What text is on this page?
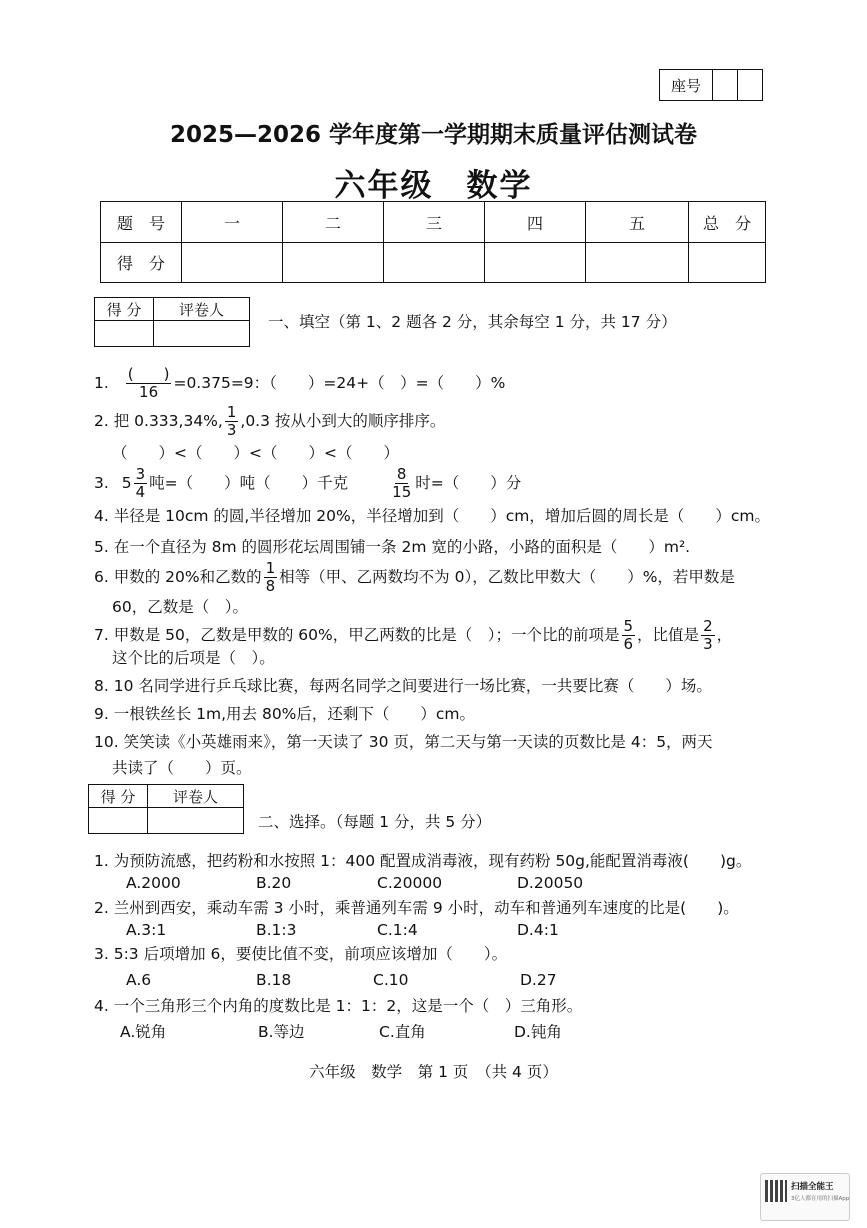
座号		
2025—2026 学年度第一学期期末质量评估测试卷
六年级　数学
题　号	一	二	三	四	五	总　分
得　分						
得 分	评卷人

一、填空（第 1、2 题各 2 分，其余每空 1 分，共 17 分）
1. $\frac{( )}{16} =0.375=9$：（　　）=24+（　）=（　　）%
2. 把 0.333,34%, $\frac{1}{3} ,0.3$ 按从小到大的顺序排序。
（　　）<（　　）<（　　）<（　　）
3. $5 \frac{3}{4}$ 吨=（　　）吨（　　）千克	$\frac{8}{15}$ 时=（　　）分
4. 半径是 10cm 的圆,半径增加 20%，半径增加到（　　）cm，增加后圆的周长是（　　）cm。
5. 在一个直径为 8m 的圆形花坛周围铺一条 2m 宽的小路，小路的面积是（　　）m².
6. 甲数的 20%和乙数的 $\frac{1}{8}$ 相等（甲、乙两数均不为 0），乙数比甲数大（　　）%，若甲数是
60，乙数是（　）。
7. 甲数是 50，乙数是甲数的 60%，甲乙两数的比是（　）；一个比的前项是 $\frac{5}{6}$ ，比值是 $\frac{2}{3}$ ，
这个比的后项是（　）。
8. 10 名同学进行乒乓球比赛，每两名同学之间要进行一场比赛，一共要比赛（　　）场。
9. 一根铁丝长 1m,用去 80%后，还剩下（　　）cm。
10. 笑笑读《小英雄雨来》，第一天读了 30 页，第二天与第一天读的页数比是 4：5，两天
共读了（　　）页。
得 分	评卷人

二、选择。（每题 1 分，共 5 分）
1. 为预防流感，把药粉和水按照 1：400 配置成消毒液，现有药粉 50g,能配置消毒液(　　)g。
A.2000	B.20	C.20000	D.20050
2. 兰州到西安，乘动车需 3 小时，乘普通列车需 9 小时，动车和普通列车速度的比是(　　)。
A.3:1	B.1:3	C.1:4	D.4:1
3. 5:3 后项增加 6，要使比值不变，前项应该增加（　　）。
A.6	B.18	C.10	D.27
4. 一个三角形三个内角的度数比是 1：1：2，这是一个（　）三角形。
A.锐角	B.等边	C.直角	D.钝角
六年级　数学　第 1 页　（共 4 页）
扫描全能王
3亿人都在用的扫描App
